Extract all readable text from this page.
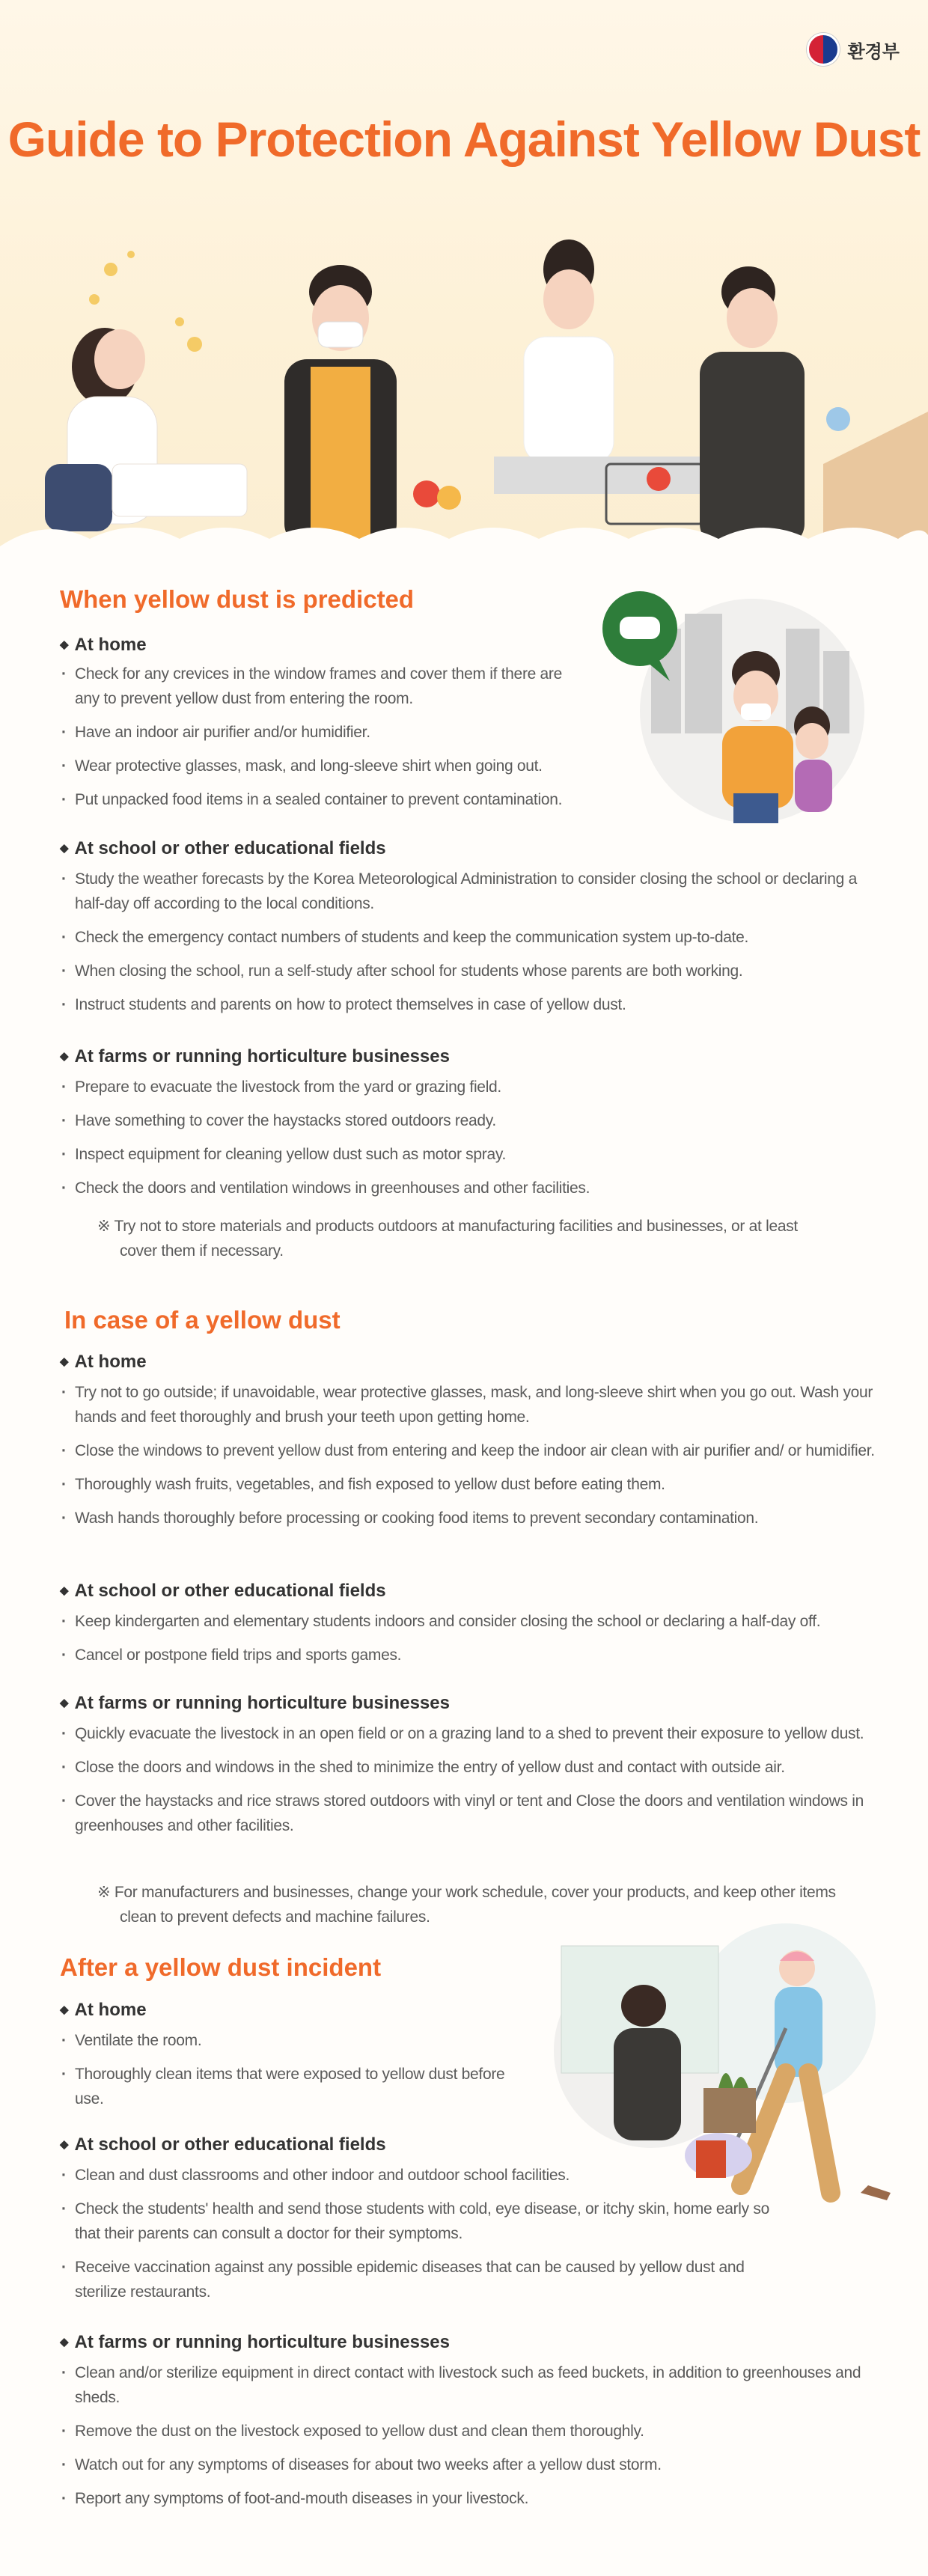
환경부
Guide to Protection Against Yellow Dust
When yellow dust is predicted
◆ At home
· Check for any crevices in the window frames and cover them if there are any to prevent yellow dust from entering the room.
· Have an indoor air purifier and/or humidifier.
· Wear protective glasses, mask, and long-sleeve shirt when going out.
· Put unpacked food items in a sealed container to prevent contamination.
◆ At school or other educational fields
· Study the weather forecasts by the Korea Meteorological Administration to consider closing the school or declaring a half-day off according to the local conditions.
· Check the emergency contact numbers of students and keep the communication system up-to-date.
· When closing the school, run a self-study after school for students whose parents are both working.
· Instruct students and parents on how to protect themselves in case of yellow dust.
◆ At farms or running horticulture businesses
· Prepare to evacuate the livestock from the yard or grazing field.
· Have something to cover the haystacks stored outdoors ready.
· Inspect equipment for cleaning yellow dust such as motor spray.
· Check the doors and ventilation windows in greenhouses and other facilities.
※ Try not to store materials and products outdoors at manufacturing facilities and businesses, or at least cover them if necessary.
In case of a yellow dust
◆ At home
· Try not to go outside; if unavoidable, wear protective glasses, mask, and long-sleeve shirt when you go out. Wash your hands and feet thoroughly and brush your teeth upon getting home.
· Close the windows to prevent yellow dust from entering and keep the indoor air clean with air purifier and/ or humidifier.
· Thoroughly wash fruits, vegetables, and fish exposed to yellow dust before eating them.
· Wash hands thoroughly before processing or cooking food items to prevent secondary contamination.
◆ At school or other educational fields
· Keep kindergarten and elementary students indoors and consider closing the school or declaring a half-day off.
· Cancel or postpone field trips and sports games.
◆ At farms or running horticulture businesses
· Quickly evacuate the livestock in an open field or on a grazing land to a shed to prevent their exposure to yellow dust.
· Close the doors and windows in the shed to minimize the entry of yellow dust and contact with outside air.
· Cover the haystacks and rice straws stored outdoors with vinyl or tent and Close the doors and ventilation windows in greenhouses and other facilities.
※ For manufacturers and businesses, change your work schedule, cover your products, and keep other items clean to prevent defects and machine failures.
After a yellow dust incident
◆ At home
· Ventilate the room.
· Thoroughly clean items that were exposed to yellow dust before use.
◆ At school or other educational fields
· Clean and dust classrooms and other indoor and outdoor school facilities.
· Check the students' health and send those students with cold, eye disease, or itchy skin, home early so that their parents can consult a doctor for their symptoms.
· Receive vaccination against any possible epidemic diseases that can be caused by yellow dust and sterilize restaurants.
◆ At farms or running horticulture businesses
· Clean and/or sterilize equipment in direct contact with livestock such as feed buckets, in addition to greenhouses and sheds.
· Remove the dust on the livestock exposed to yellow dust and clean them thoroughly.
· Watch out for any symptoms of diseases for about two weeks after a yellow dust storm.
· Report any symptoms of foot-and-mouth diseases in your livestock.
